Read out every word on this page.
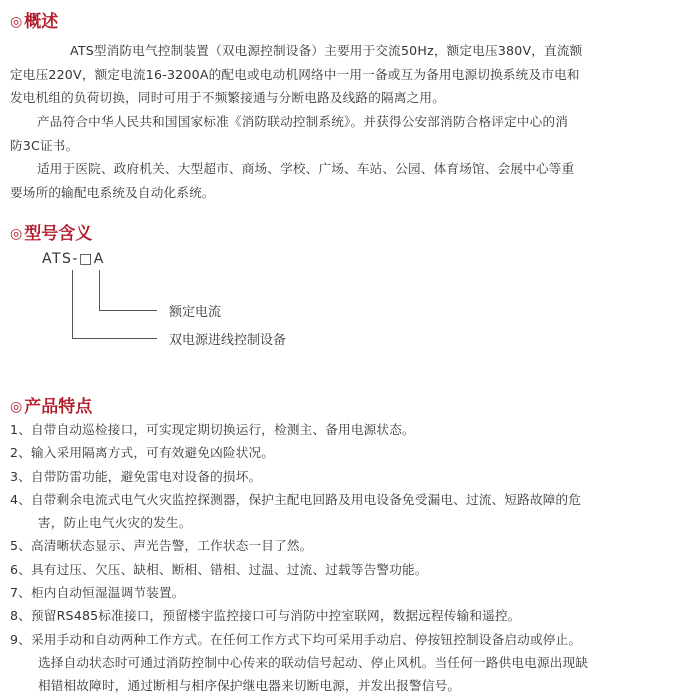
◎ 概述
ATS型消防电气控制装置（双电源控制设备）主要用于交流50Hz，额定电压380V，直流额
定电压220V，额定电流16-3200A的配电或电动机网络中一用一备或互为备用电源切换系统及市电和
发电机组的负荷切换，同时可用于不频繁接通与分断电路及线路的隔离之用。
产品符合中华人民共和国国家标准《消防联动控制系统》。并获得公安部消防合格评定中心的消
防3C证书。
适用于医院、政府机关、大型超市、商场、学校、广场、车站、公园、体育场馆、会展中心等重
要场所的输配电系统及自动化系统。
◎ 型号含义
ATS-□A
额定电流
双电源进线控制设备
◎ 产品特点
1、自带自动巡检接口，可实现定期切换运行，检测主、备用电源状态。
2、输入采用隔离方式，可有效避免凶险状况。
3、自带防雷功能，避免雷电对设备的损坏。
4、自带剩余电流式电气火灾监控探测器，保护主配电回路及用电设备免受漏电、过流、短路故障的危
害，防止电气火灾的发生。
5、高清晰状态显示、声光告警，工作状态一目了然。
6、具有过压、欠压、缺相、断相、错相、过温、过流、过载等告警功能。
7、柜内自动恒湿温调节装置。
8、预留RS485标准接口，预留楼宇监控接口可与消防中控室联网，数据远程传输和遥控。
9、采用手动和自动两种工作方式。在任何工作方式下均可采用手动启、停按钮控制设备启动或停止。
选择自动状态时可通过消防控制中心传来的联动信号起动、停止风机。当任何一路供电电源出现缺
相错相故障时，通过断相与相序保护继电器来切断电源，并发出报警信号。
